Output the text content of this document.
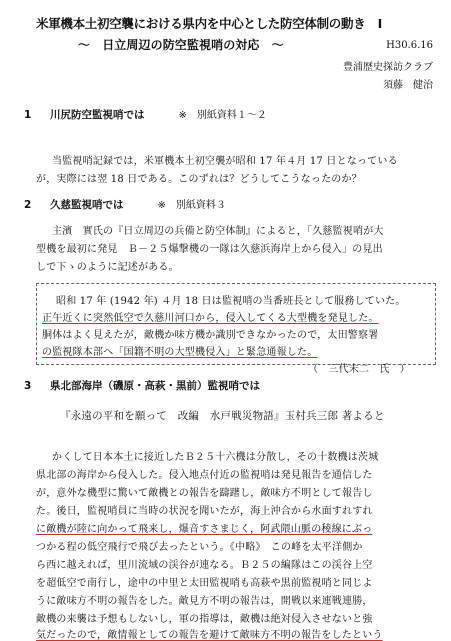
米軍機本土初空襲における県内を中心とした防空体制の動き　Ⅰ
～　日立周辺の防空監視哨の対応　～	H30.6.16
豊浦歴史探訪クラブ
須藤　健治
1 川尻防空監視哨では	※　別紙資料１～２
当監視哨記録では，米軍機本土初空襲が昭和 17 年４月 17 日となっている
が，実際には翌 18 日である。このずれは？どうしてこうなったのか？
2 久慈監視哨では	※　別紙資料３
主濱　實氏の『日立周辺の兵備と防空体制』によると，「久慈監視哨が大
型機を最初に発見　Ｂ－２５爆撃機の一隊は久慈浜海岸上から侵入」の見出
しで下ゝのように記述がある。
昭和 17 年 (1942 年) ４月 18 日は監視哨の当番班長として服務していた。
正午近くに突然低空で久慈川河口から，侵入してくる大型機を発見した。
胴体はよく見えたが，敵機か味方機か識別できなかったので，太田警察署
の監視隊本部へ「国籍不明の大型機侵入」と緊急通報した。
（　三代末二　氏　）
3 県北部海岸（磯原・高萩・黒前）監視哨では
『永遠の平和を願って　改編　水戸戦災物語』玉村兵三郎 著よると
かくして日本本土に接近したＢ２５十六機は分散し，その十数機は茨城
県北部の海岸から侵入した。侵入地点付近の監視哨は発見報告を通信した
が，意外な機型に驚いて敵機との報告を躊躇し，敵味方不明として報告し
た。後日，監視哨員に当時の状況を聞いたが，海上沖合から水面すれすれ
に敵機が陸に向かって飛来し，爆音すさまじく，阿武隈山脈の稜線にぶっ
つかる程の低空飛行で飛び去ったという。《中略》　この峰を太平洋側か
ら西に越えれば，里川流域の渓谷が連なる。Ｂ２５の編隊はこの渓谷上空
を超低空で南行し，途中の中里と太田監視哨も高萩や黒前監視哨と同じよ
うに敵味方不明の報告をした。敵見方不明の報告は，開戦以来連戦連勝，
敵機の来襲は予想もしないし，軍の指導は，敵機は絶対侵入させないと強
気だったので，敵情報としての報告を避けて敵味方不明の報告をしたという
